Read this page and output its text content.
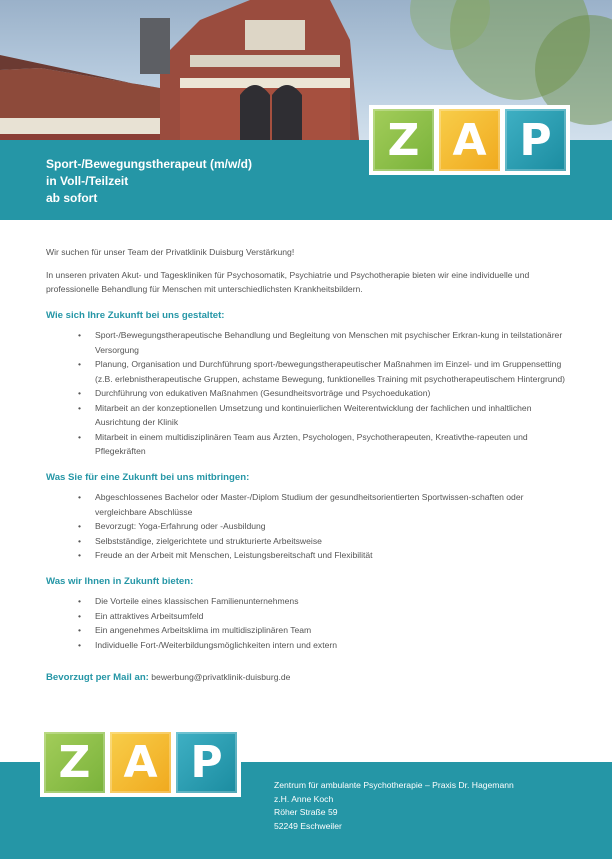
Sport-/Bewegungstherapeut (m/w/d)
in Voll-/Teilzeit
ab sofort
Z A P

Wir suchen für unser Team der Privatklinik Duisburg Verstärkung!

In unseren privaten Akut- und Tageskliniken für Psychosomatik, Psychiatrie und Psychotherapie bieten wir eine individuelle und professionelle Behandlung für Menschen mit unterschiedlichsten Krankheitsbildern.

Wie sich Ihre Zukunft bei uns gestaltet:
• Sport-/Bewegungstherapeutische Behandlung und Begleitung von Menschen mit psychischer Erkran-kung in teilstationärer Versorgung
• Planung, Organisation und Durchführung sport-/bewegungstherapeutischer Maßnahmen im Einzel- und im Gruppensetting (z.B. erlebnistherapeutische Gruppen, achstame Bewegung, funktionelles Training mit psychotherapeutischem Hintergrund)
• Durchführung von edukativen Maßnahmen (Gesundheitsvorträge und Psychoedukation)
• Mitarbeit an der konzeptionellen Umsetzung und kontinuierlichen Weiterentwicklung der fachlichen und inhaltlichen Ausrichtung der Klinik
• Mitarbeit in einem multidisziplinären Team aus Ärzten, Psychologen, Psychotherapeuten, Kreativthe-rapeuten und Pflegekräften
Was Sie für eine Zukunft bei uns mitbringen:
• Abgeschlossenes Bachelor oder Master-/Diplom Studium der gesundheitsorientierten Sportwissen-schaften oder vergleichbare Abschlüsse
• Bevorzugt: Yoga-Erfahrung oder -Ausbildung
• Selbstständige, zielgerichtete und strukturierte Arbeitsweise
• Freude an der Arbeit mit Menschen, Leistungsbereitschaft und Flexibilität
Was wir Ihnen in Zukunft bieten:
• Die Vorteile eines klassischen Familienunternehmens
• Ein attraktives Arbeitsumfeld
• Ein angenehmes Arbeitsklima im multidisziplinären Team
• Individuelle Fort-/Weiterbildungsmöglichkeiten intern und extern
Bevorzugt per Mail an: bewerbung@privatklinik-duisburg.de
Z A P	Zentrum für ambulante Psychotherapie – Praxis Dr. Hagemann
z.H. Anne Koch
Röher Straße 59
52249 Eschweiler
